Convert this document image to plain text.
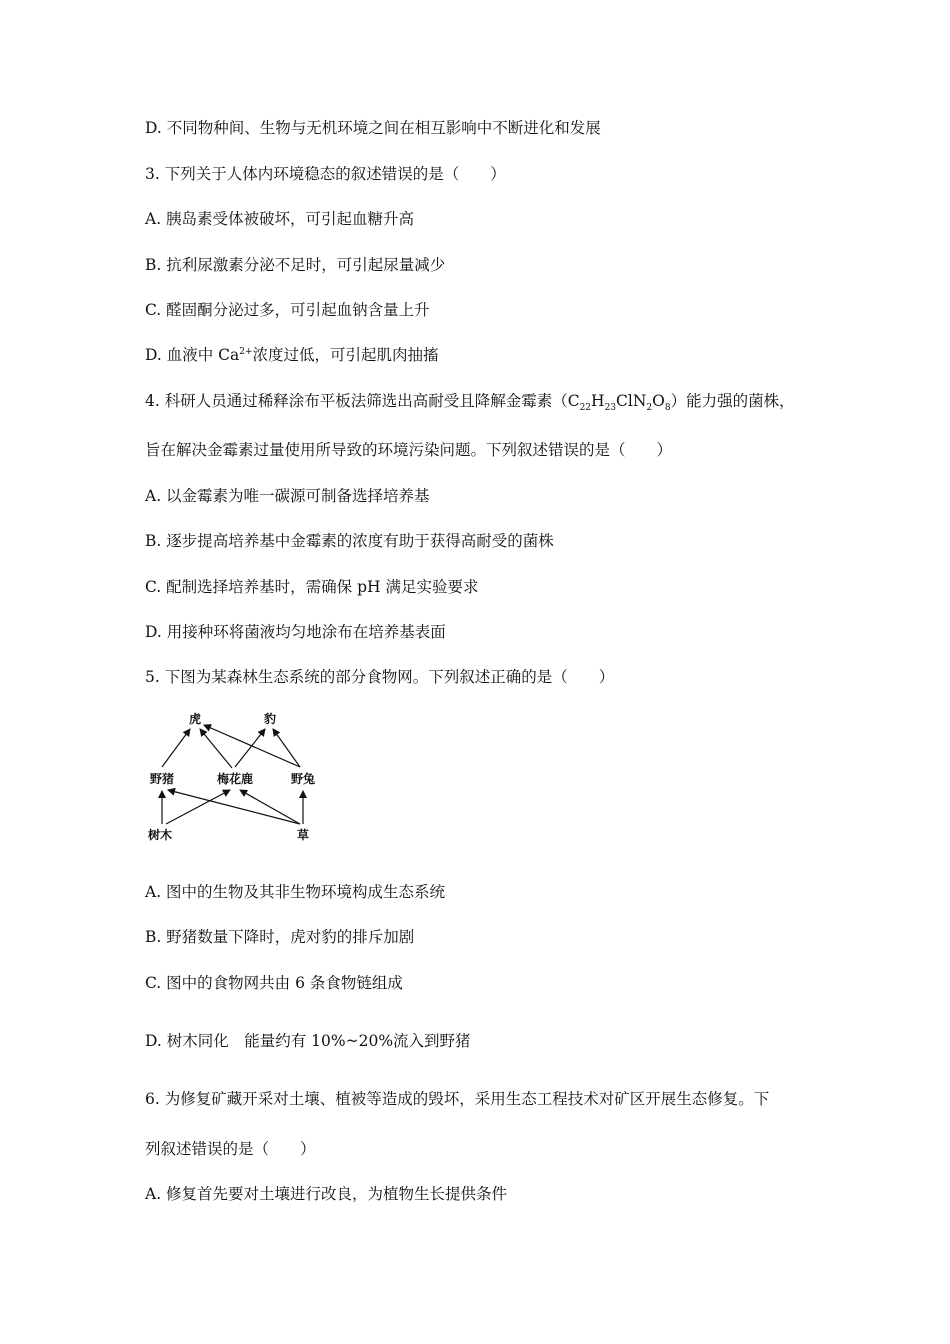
D. 不同物种间、生物与无机环境之间在相互影响中不断进化和发展
3. 下列关于人体内环境稳态的叙述错误的是（　　）
A. 胰岛素受体被破坏，可引起血糖升高
B. 抗利尿激素分泌不足时，可引起尿量减少
C. 醛固酮分泌过多，可引起血钠含量上升
D. 血液中 $Ca^{2+}$浓度过低，可引起肌肉抽搐
4. 科研人员通过稀释涂布平板法筛选出高耐受且降解金霉素$(C_{22}H_{23}ClN_2O_8)$能力强的菌株，
旨在解决金霉素过量使用所导致的环境污染问题。下列叙述错误的是（　　）
A. 以金霉素为唯一碳源可制备选择培养基
B. 逐步提高培养基中金霉素的浓度有助于获得高耐受的菌株
C. 配制选择培养基时，需确保 pH 满足实验要求
D. 用接种环将菌液均匀地涂布在培养基表面
5. 下图为某森林生态系统的部分食物网。下列叙述正确的是（　　）
虎	豹
野猪	梅花鹿	野兔
树木	草
A. 图中的生物及其非生物环境构成生态系统
B. 野猪数量下降时，虎对豹的排斥加剧
C. 图中的食物网共由 6 条食物链组成
D. 树木同化　能量约有 10%~20%流入到野猪
6. 为修复矿藏开采对土壤、植被等造成的毁坏，采用生态工程技术对矿区开展生态修复。下
列叙述错误的是（　　）
A. 修复首先要对土壤进行改良，为植物生长提供条件
